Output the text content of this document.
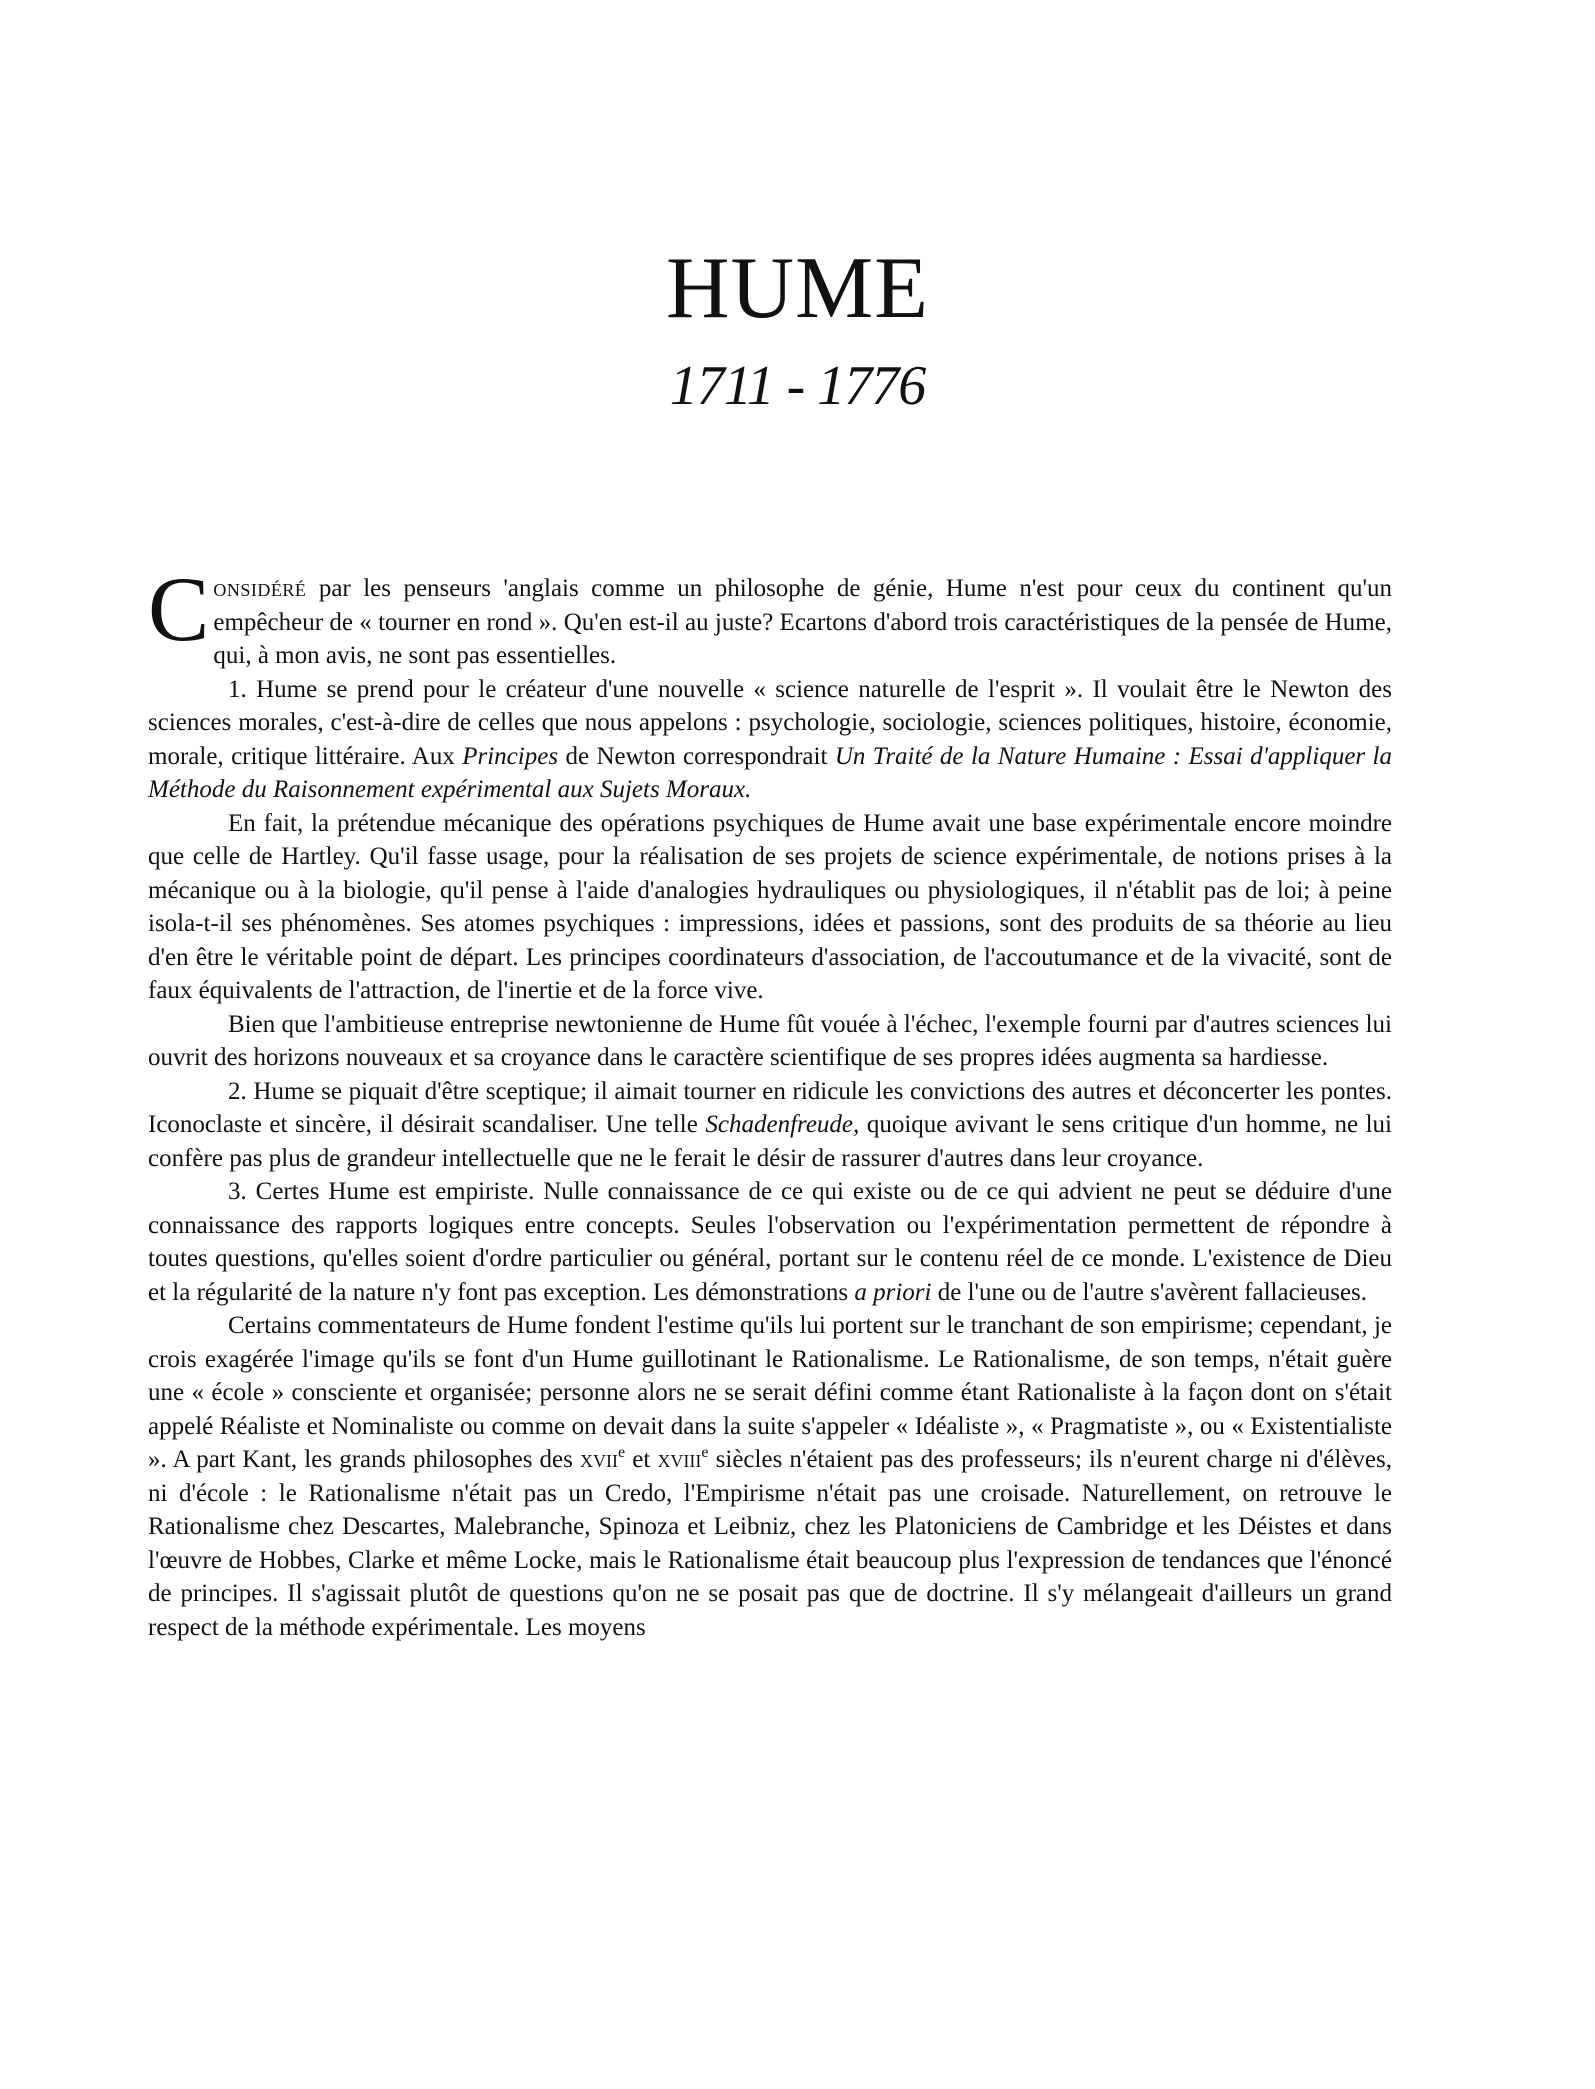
HUME
1711 - 1776

Considéré par les penseurs 'anglais comme un philosophe de génie, Hume n'est pour ceux du continent qu'un empêcheur de « tourner en rond ». Qu'en est-il au juste? Ecartons d'abord trois caractéristiques de la pensée de Hume, qui, à mon avis, ne sont pas essentielles.

1. Hume se prend pour le créateur d'une nouvelle « science naturelle de l'esprit ». Il voulait être le Newton des sciences morales, c'est-à-dire de celles que nous appelons : psychologie, sociologie, sciences politiques, histoire, économie, morale, critique littéraire. Aux Principes de Newton correspondrait Un Traité de la Nature Humaine : Essai d'appliquer la Méthode du Raisonnement expérimental aux Sujets Moraux.

En fait, la prétendue mécanique des opérations psychiques de Hume avait une base expérimentale encore moindre que celle de Hartley. Qu'il fasse usage, pour la réalisation de ses projets de science expérimentale, de notions prises à la mécanique ou à la biologie, qu'il pense à l'aide d'analogies hydrauliques ou physiologiques, il n'établit pas de loi; à peine isola-t-il ses phénomènes. Ses atomes psychiques : impressions, idées et passions, sont des produits de sa théorie au lieu d'en être le véritable point de départ. Les principes coordinateurs d'association, de l'accoutumance et de la vivacité, sont de faux équivalents de l'attraction, de l'inertie et de la force vive.

Bien que l'ambitieuse entreprise newtonienne de Hume fût vouée à l'échec, l'exemple fourni par d'autres sciences lui ouvrit des horizons nouveaux et sa croyance dans le caractère scientifique de ses propres idées augmenta sa hardiesse.

2. Hume se piquait d'être sceptique; il aimait tourner en ridicule les convictions des autres et déconcerter les pontes. Iconoclaste et sincère, il désirait scandaliser. Une telle Schadenfreude, quoique avivant le sens critique d'un homme, ne lui confère pas plus de grandeur intellectuelle que ne le ferait le désir de rassurer d'autres dans leur croyance.

3. Certes Hume est empiriste. Nulle connaissance de ce qui existe ou de ce qui advient ne peut se déduire d'une connaissance des rapports logiques entre concepts. Seules l'observation ou l'expérimentation permettent de répondre à toutes questions, qu'elles soient d'ordre particulier ou général, portant sur le contenu réel de ce monde. L'existence de Dieu et la régularité de la nature n'y font pas exception. Les démonstrations a priori de l'une ou de l'autre s'avèrent fallacieuses.

Certains commentateurs de Hume fondent l'estime qu'ils lui portent sur le tranchant de son empirisme; cependant, je crois exagérée l'image qu'ils se font d'un Hume guillotinant le Rationalisme. Le Rationalisme, de son temps, n'était guère une « école » consciente et organisée; personne alors ne se serait défini comme étant Rationaliste à la façon dont on s'était appelé Réaliste et Nominaliste ou comme on devait dans la suite s'appeler « Idéaliste », « Pragmatiste », ou « Existentialiste ». A part Kant, les grands philosophes des xvii$^e$ et xviii$^e$ siècles n'étaient pas des professeurs; ils n'eurent charge ni d'élèves, ni d'école : le Rationalisme n'était pas un Credo, l'Empirisme n'était pas une croisade. Naturellement, on retrouve le Rationalisme chez Descartes, Malebranche, Spinoza et Leibniz, chez les Platoniciens de Cambridge et les Déistes et dans l'œuvre de Hobbes, Clarke et même Locke, mais le Rationalisme était beaucoup plus l'expression de tendances que l'énoncé de principes. Il s'agissait plutôt de questions qu'on ne se posait pas que de doctrine. Il s'y mélangeait d'ailleurs un grand respect de la méthode expérimentale. Les moyens
